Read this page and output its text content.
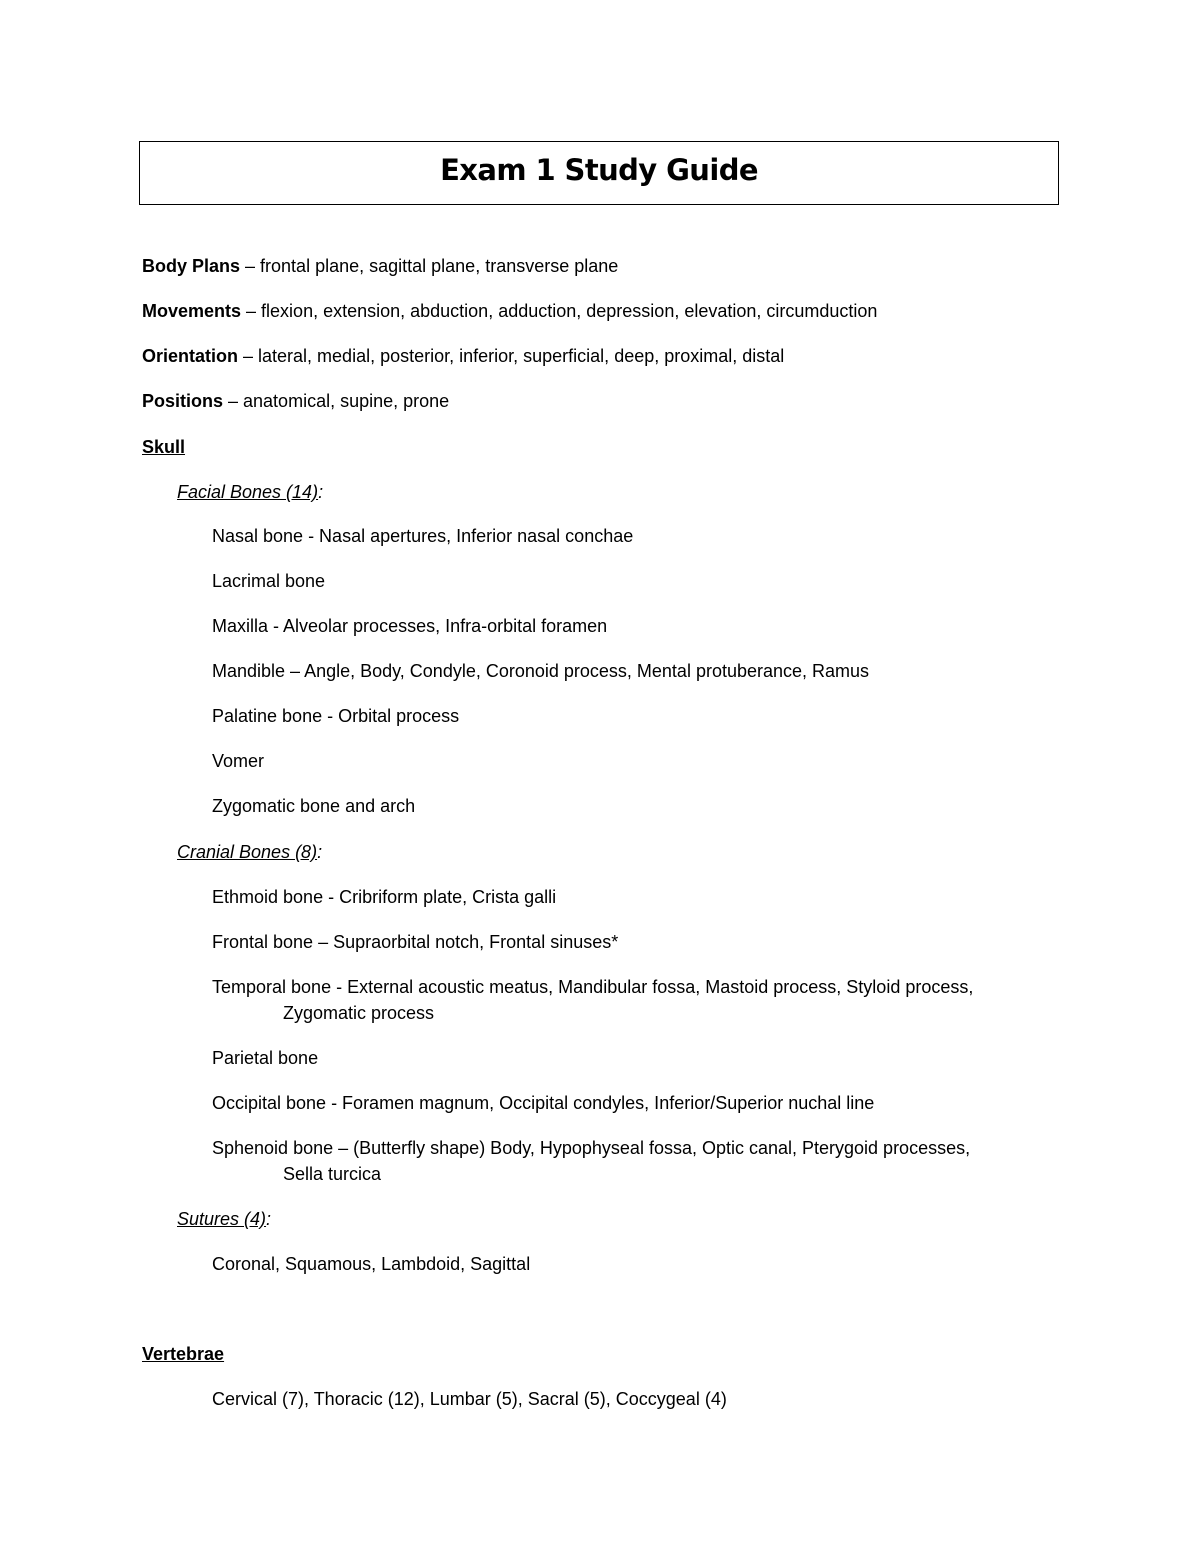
Exam 1 Study Guide
Body Plans – frontal plane, sagittal plane, transverse plane
Movements – flexion, extension, abduction, adduction, depression, elevation, circumduction
Orientation – lateral, medial, posterior, inferior, superficial, deep, proximal, distal
Positions – anatomical, supine, prone
Skull
Facial Bones (14):
Nasal bone - Nasal apertures, Inferior nasal conchae
Lacrimal bone
Maxilla - Alveolar processes, Infra-orbital foramen
Mandible – Angle, Body, Condyle, Coronoid process, Mental protuberance, Ramus
Palatine bone - Orbital process
Vomer
Zygomatic bone and arch
Cranial Bones (8):
Ethmoid bone - Cribriform plate, Crista galli
Frontal bone – Supraorbital notch, Frontal sinuses*
Temporal bone - External acoustic meatus, Mandibular fossa, Mastoid process, Styloid process,
Zygomatic process
Parietal bone
Occipital bone - Foramen magnum, Occipital condyles, Inferior/Superior nuchal line
Sphenoid bone – (Butterfly shape) Body, Hypophyseal fossa, Optic canal, Pterygoid processes,
Sella turcica
Sutures (4):
Coronal, Squamous, Lambdoid, Sagittal
Vertebrae
Cervical (7), Thoracic (12), Lumbar (5), Sacral (5), Coccygeal (4)
